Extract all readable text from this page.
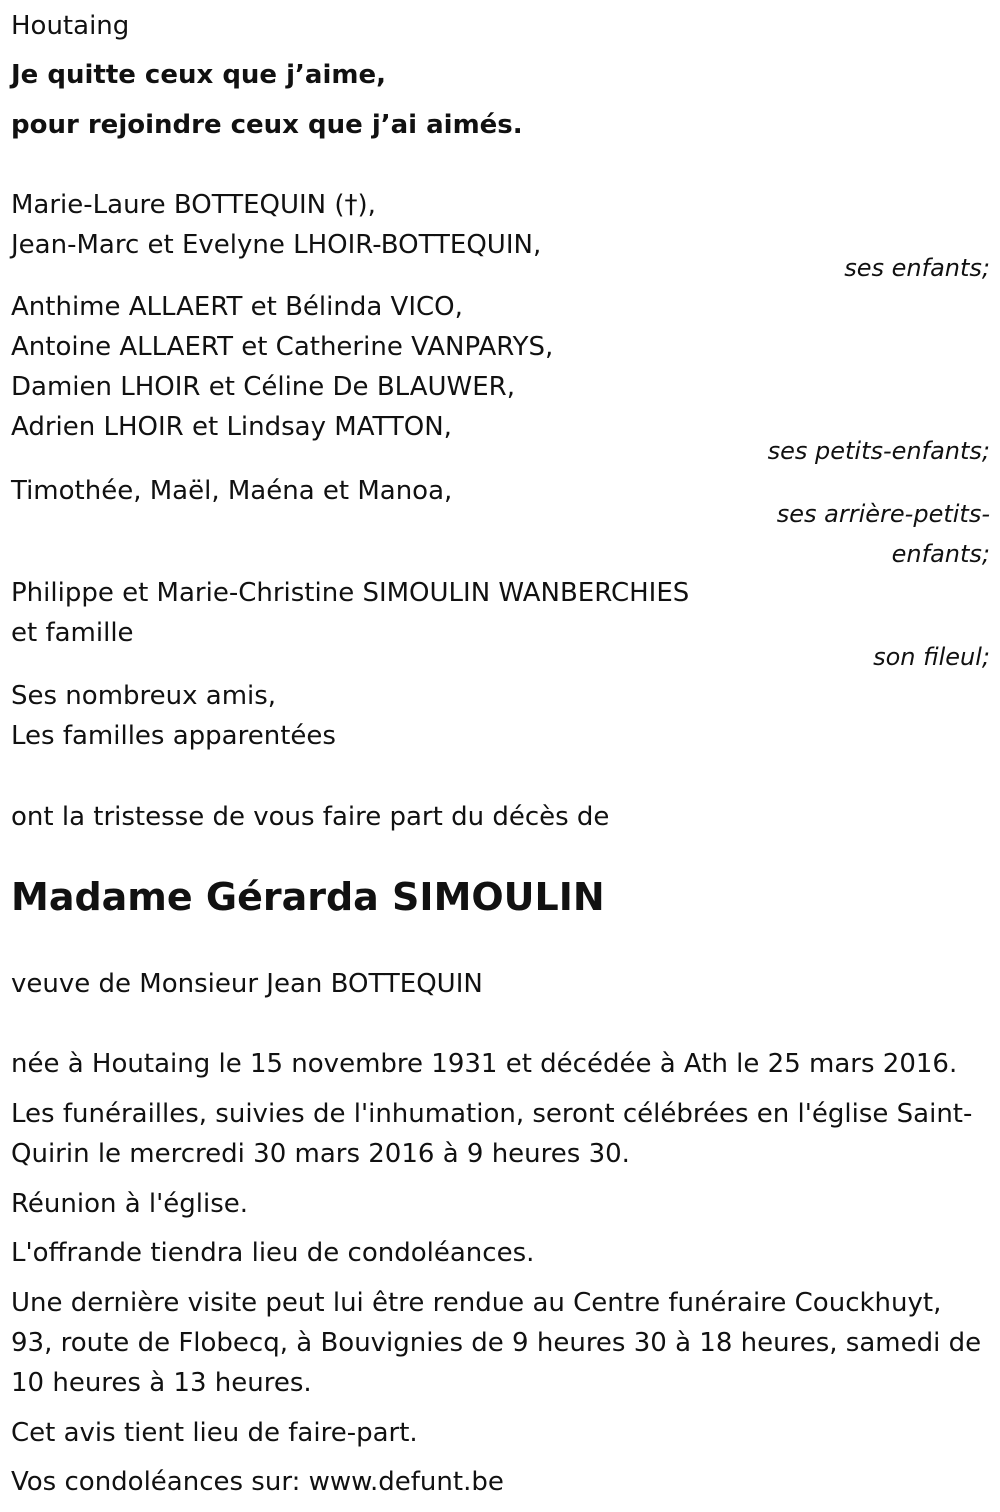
Houtaing
Je quitte ceux que j’aime,
pour rejoindre ceux que j’ai aimés.
Marie-Laure BOTTEQUIN (†),
Jean-Marc et Evelyne LHOIR-BOTTEQUIN,
ses enfants;
Anthime ALLAERT et Bélinda VICO,
Antoine ALLAERT et Catherine VANPARYS,
Damien LHOIR et Céline De BLAUWER,
Adrien LHOIR et Lindsay MATTON,
ses petits-enfants;
Timothée, Maël, Maéna et Manoa,
ses arrière-petits-
enfants;
Philippe et Marie-Christine SIMOULIN WANBERCHIES
et famille
son fileul;
Ses nombreux amis,
Les familles apparentées
ont la tristesse de vous faire part du décès de
Madame Gérarda SIMOULIN
veuve de Monsieur Jean BOTTEQUIN
née à Houtaing le 15 novembre 1931 et décédée à Ath le 25 mars 2016.
Les funérailles, suivies de l'inhumation, seront célébrées en l'église Saint-
Quirin le mercredi 30 mars 2016 à 9 heures 30.
Réunion à l'église.
L'offrande tiendra lieu de condoléances.
Une dernière visite peut lui être rendue au Centre funéraire Couckhuyt,
93, route de Flobecq, à Bouvignies de 9 heures 30 à 18 heures, samedi de
10 heures à 13 heures.
Cet avis tient lieu de faire-part.
Vos condoléances sur: www.defunt.be
